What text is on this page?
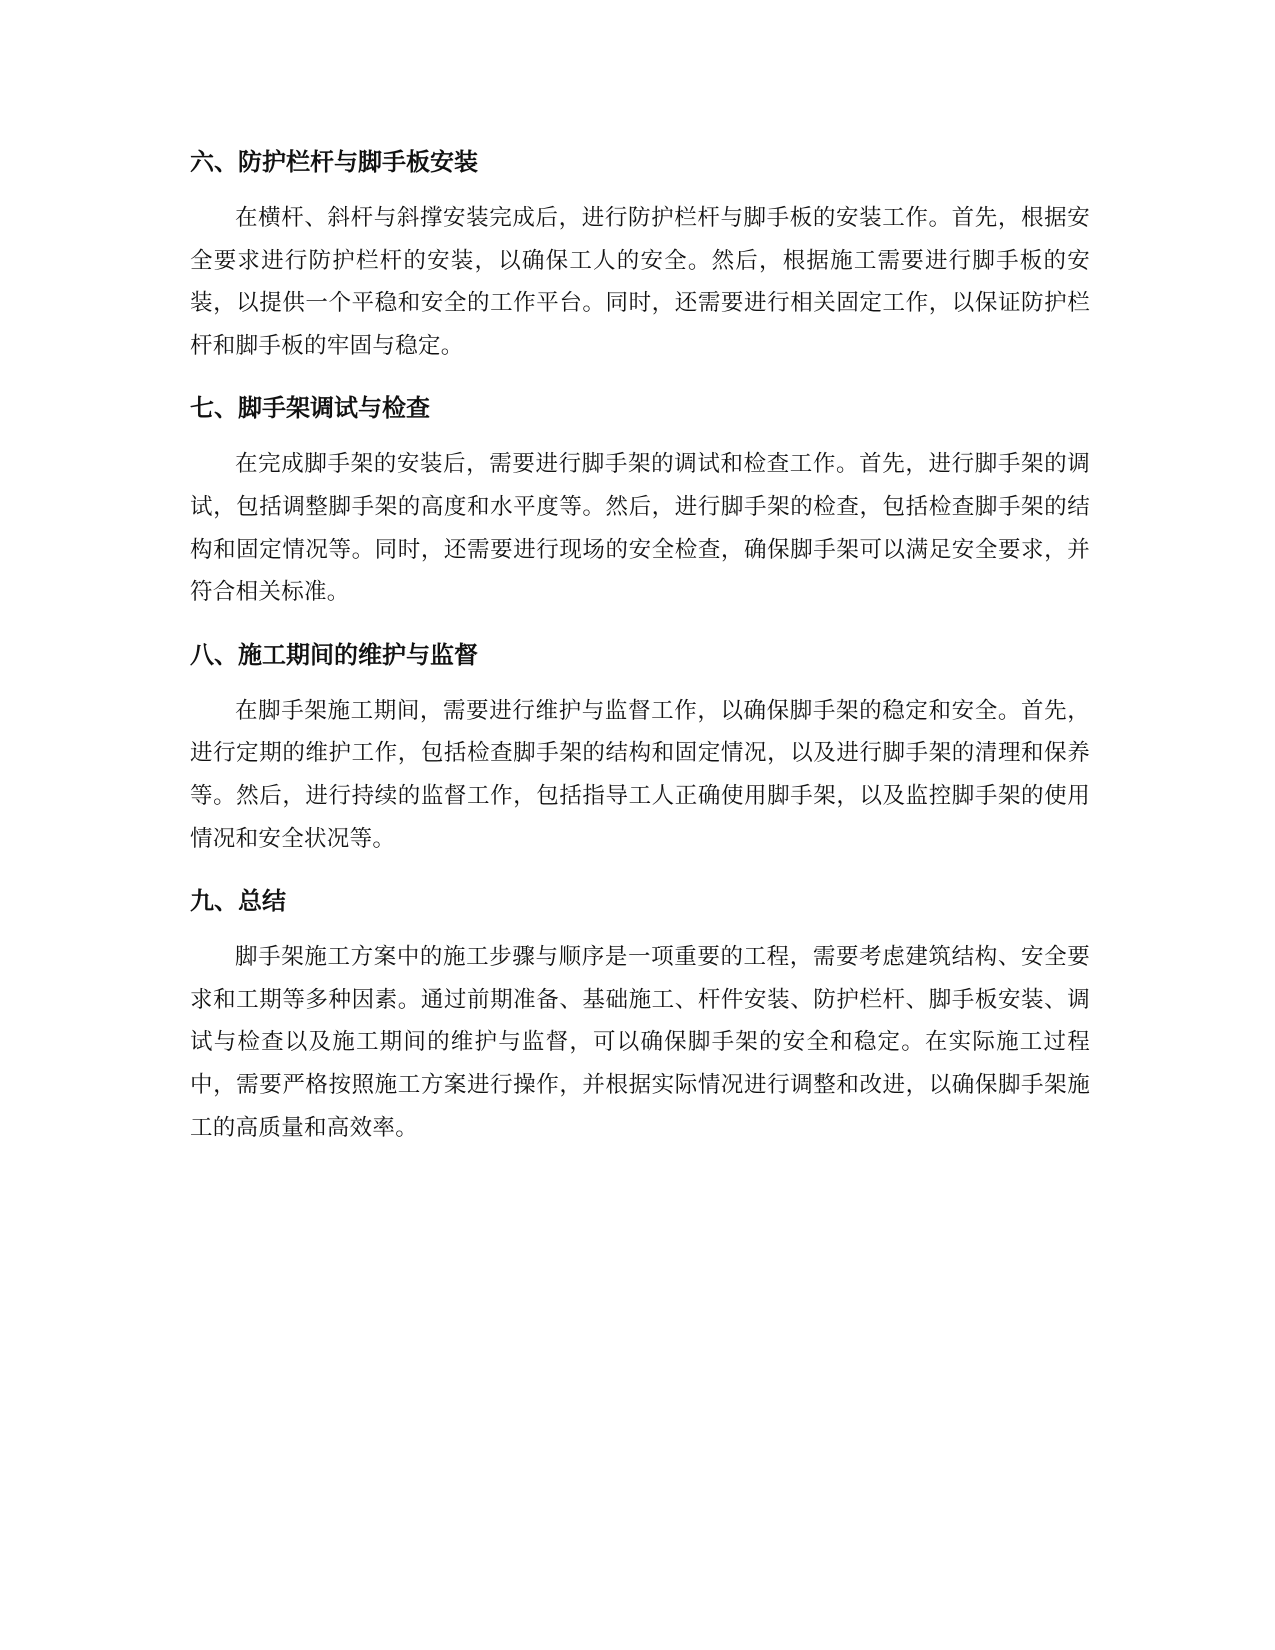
六、防护栏杆与脚手板安装

在横杆、斜杆与斜撑安装完成后，进行防护栏杆与脚手板的安装工作。首先，根据安全要求进行防护栏杆的安装，以确保工人的安全。然后，根据施工需要进行脚手板的安装，以提供一个平稳和安全的工作平台。同时，还需要进行相关固定工作，以保证防护栏杆和脚手板的牢固与稳定。

七、脚手架调试与检查

在完成脚手架的安装后，需要进行脚手架的调试和检查工作。首先，进行脚手架的调试，包括调整脚手架的高度和水平度等。然后，进行脚手架的检查，包括检查脚手架的结构和固定情况等。同时，还需要进行现场的安全检查，确保脚手架可以满足安全要求，并符合相关标准。

八、施工期间的维护与监督

在脚手架施工期间，需要进行维护与监督工作，以确保脚手架的稳定和安全。首先，进行定期的维护工作，包括检查脚手架的结构和固定情况，以及进行脚手架的清理和保养等。然后，进行持续的监督工作，包括指导工人正确使用脚手架，以及监控脚手架的使用情况和安全状况等。

九、总结

脚手架施工方案中的施工步骤与顺序是一项重要的工程，需要考虑建筑结构、安全要求和工期等多种因素。通过前期准备、基础施工、杆件安装、防护栏杆、脚手板安装、调试与检查以及施工期间的维护与监督，可以确保脚手架的安全和稳定。在实际施工过程中，需要严格按照施工方案进行操作，并根据实际情况进行调整和改进，以确保脚手架施工的高质量和高效率。
